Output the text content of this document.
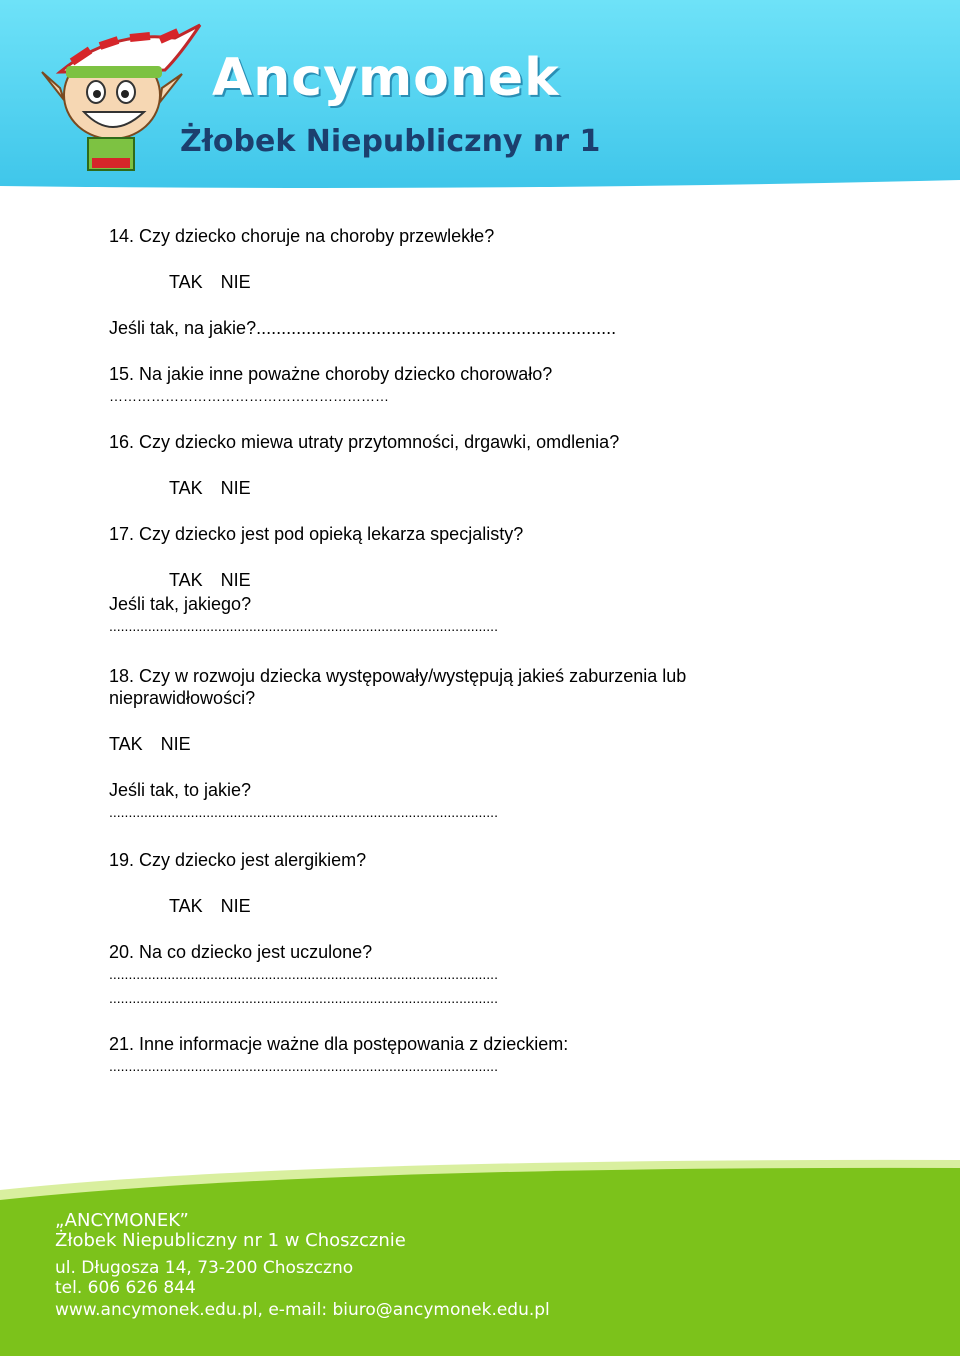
Ancymonek
Żłobek Niepubliczny nr 1
14. Czy dziecko choruje na choroby przewlekłe?
TAK NIE
Jeśli tak, na jakie?........................................................................
15. Na jakie inne poważne choroby dziecko chorowało?
……………………………………………………
16. Czy dziecko miewa utraty przytomności, drgawki, omdlenia?
TAK NIE
17. Czy dziecko jest pod opieką lekarza specjalisty?
TAK NIE
Jeśli tak, jakiego?
....................................................................................................
18. Czy w rozwoju dziecka występowały/występują jakieś zaburzenia lub
nieprawidłowości?
TAK NIE
Jeśli tak, to jakie?
....................................................................................................
19. Czy dziecko jest alergikiem?
TAK NIE
20. Na co dziecko jest uczulone?
....................................................................................................
....................................................................................................
21. Inne informacje ważne dla postępowania z dzieckiem:
....................................................................................................
„ANCYMONEK”
Żłobek Niepubliczny nr 1 w Choszcznie
ul. Długosza 14, 73-200 Choszczno
tel. 606 626 844
www.ancymonek.edu.pl, e-mail: biuro@ancymonek.edu.pl
